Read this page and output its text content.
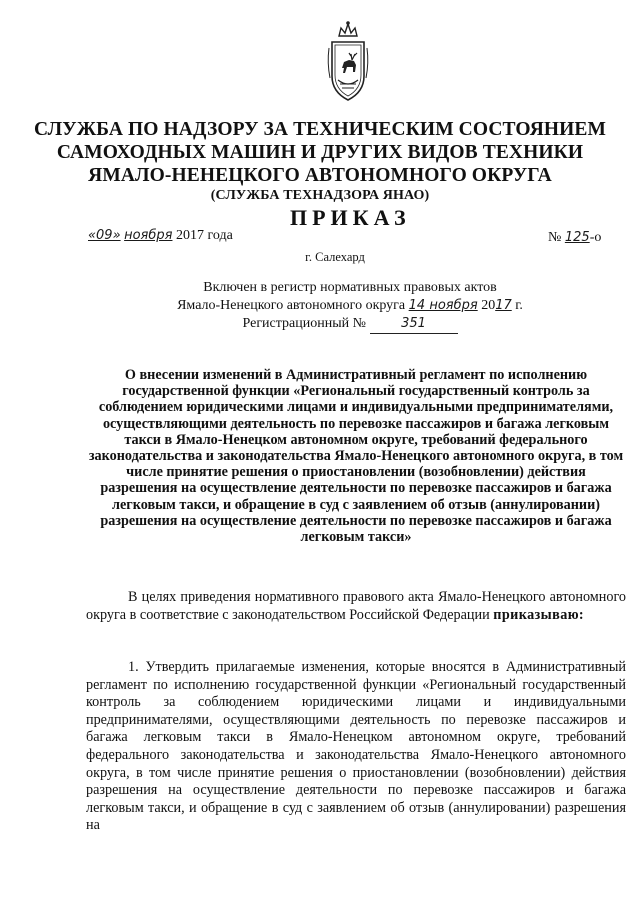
СЛУЖБА ПО НАДЗОРУ ЗА ТЕХНИЧЕСКИМ СОСТОЯНИЕМ
САМОХОДНЫХ МАШИН И ДРУГИХ ВИДОВ ТЕХНИКИ
ЯМАЛО-НЕНЕЦКОГО АВТОНОМНОГО ОКРУГА
(СЛУЖБА ТЕХНАДЗОРА ЯНАО)
ПРИКАЗ
«09» ноября 2017 года	№ 125-о
г. Салехард
Включен в регистр нормативных правовых актов
Ямало-Ненецкого автономного округа 14 ноября 2017 г.
Регистрационный №	351
О внесении изменений в Административный регламент по исполнению государственной функции «Региональный государственный контроль за соблюдением юридическими лицами и индивидуальными предпринимателями, осуществляющими деятельность по перевозке пассажиров и багажа легковым такси в Ямало-Ненецком автономном округе, требований федерального законодательства и законодательства Ямало-Ненецкого автономного округа, в том числе принятие решения о приостановлении (возобновлении) действия разрешения на осуществление деятельности по перевозке пассажиров и багажа легковым такси, и обращение в суд с заявлением об отзыв (аннулировании) разрешения на осуществление деятельности по перевозке пассажиров и багажа легковым такси»
В целях приведения нормативного правового акта Ямало-Ненецкого автономного округа в соответствие с законодательством Российской Федерации приказываю:
1. Утвердить прилагаемые изменения, которые вносятся в Административный регламент по исполнению государственной функции «Региональный государственный контроль за соблюдением юридическими лицами и индивидуальными предпринимателями, осуществляющими деятельность по перевозке пассажиров и багажа легковым такси в Ямало-Ненецком автономном округе, требований федерального законодательства и законодательства Ямало-Ненецкого автономного округа, в том числе принятие решения о приостановлении (возобновлении) действия разрешения на осуществление деятельности по перевозке пассажиров и багажа легковым такси, и обращение в суд с заявлением об отзыв (аннулировании) разрешения на
